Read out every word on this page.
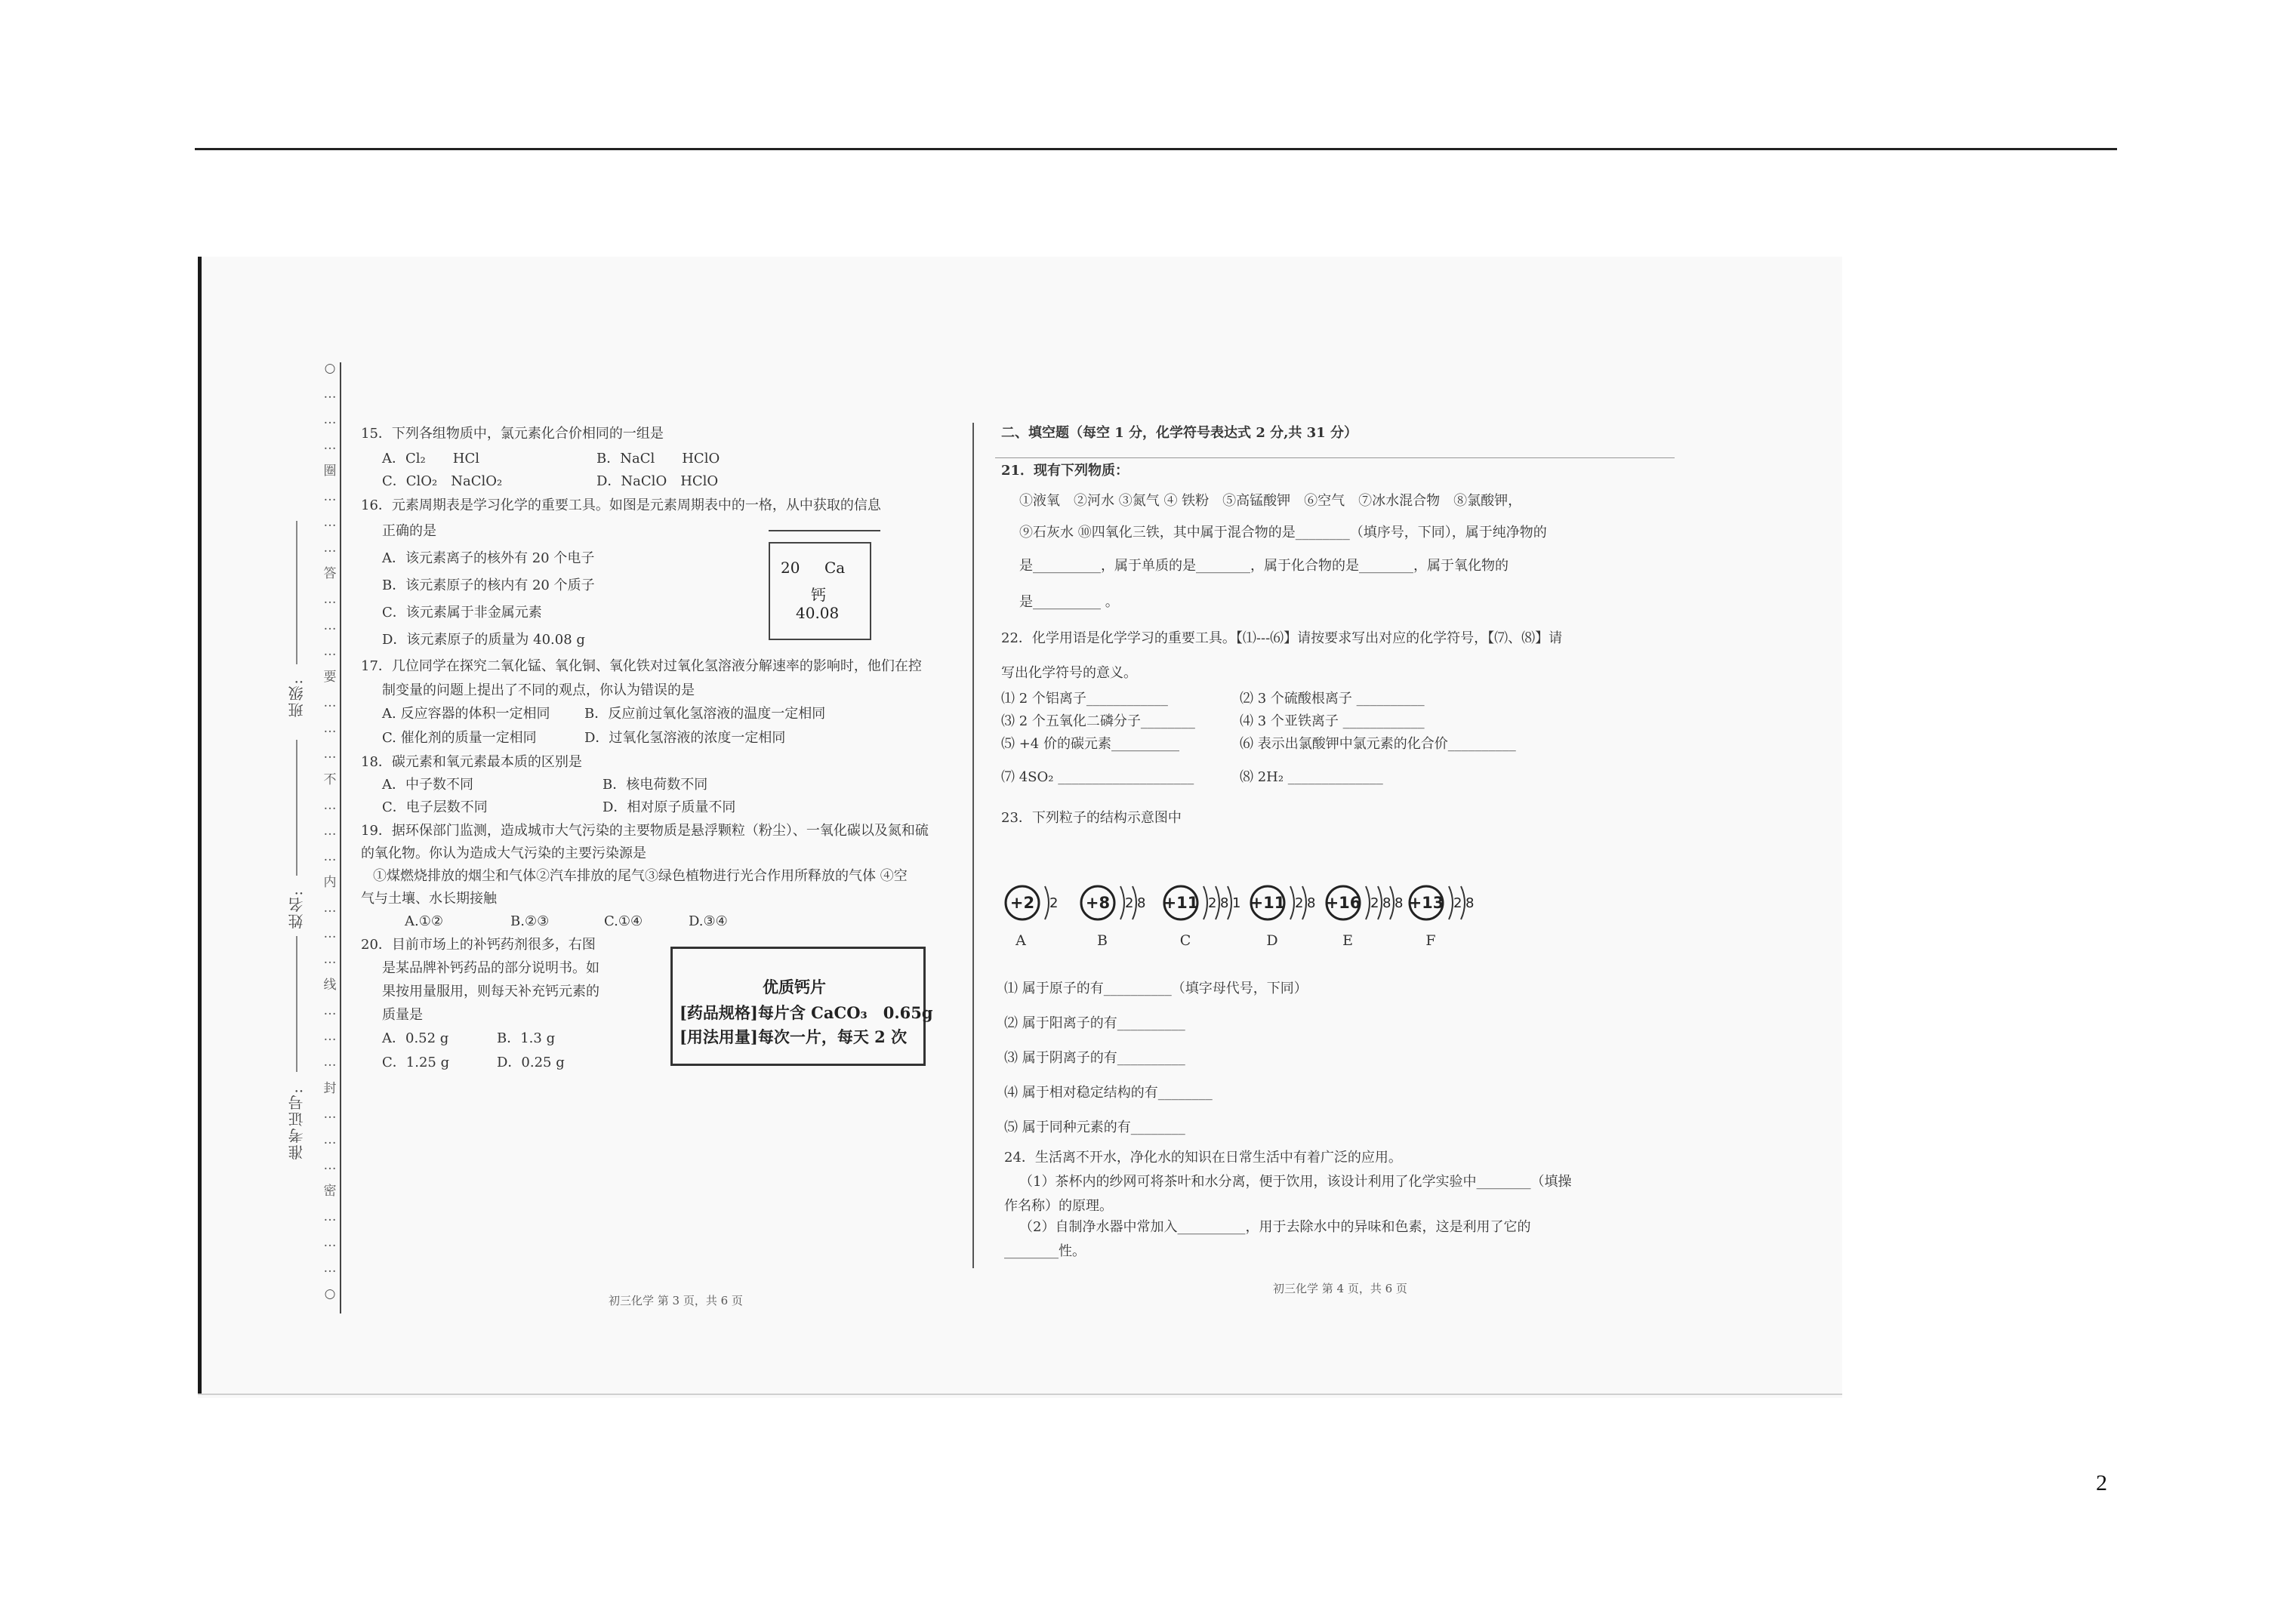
○
…
…
…
圈
…
…
…
答
…
…
…
要
…
…
…
不
…
…
…
内
…
…
…
线
…
…
…
封
…
…
…
密
…
…
…
○
班级:
姓名:
准考证号:
15．下列各组物质中，氯元素化合价相同的一组是
A．Cl₂　　HCl	B．NaCl　　HClO
C．ClO₂　NaClO₂	D．NaClO　HClO
16．元素周期表是学习化学的重要工具。如图是元素周期表中的一格，从中获取的信息
正确的是
A．该元素离子的核外有 20 个电子
B．该元素原子的核内有 20 个质子
C．该元素属于非金属元素
D．该元素原子的质量为 40.08 g
20 Ca
钙
40.08
17．几位同学在探究二氧化锰、氧化铜、氧化铁对过氧化氢溶液分解速率的影响时，他们在控
制变量的问题上提出了不同的观点，你认为错误的是
A. 反应容器的体积一定相同	B．反应前过氧化氢溶液的温度一定相同
C. 催化剂的质量一定相同	D．过氧化氢溶液的浓度一定相同
18．碳元素和氧元素最本质的区别是
A．中子数不同	B．核电荷数不同
C．电子层数不同	D．相对原子质量不同
19．据环保部门监测，造成城市大气污染的主要物质是悬浮颗粒（粉尘）、一氧化碳以及氮和硫
的氧化物。你认为造成大气污染的主要污染源是
①煤燃烧排放的烟尘和气体②汽车排放的尾气③绿色植物进行光合作用所释放的气体 ④空
气与土壤、水长期接触
A.①②	B.②③	C.①④	D.③④
20．目前市场上的补钙药剂很多，右图
是某品牌补钙药品的部分说明书。如
果按用量服用，则每天补充钙元素的
质量是
A．0.52 g	B．1.3 g
C．1.25 g	D．0.25 g
优质钙片
[药品规格]每片含 CaCO₃　0.65g
[用法用量]每次一片，每天 2 次
初三化学 第 3 页，共 6 页
二、填空题（每空 1 分，化学符号表达式 2 分,共 31 分）
21．现有下列物质：
①液氧　②河水 ③氮气 ④ 铁粉　⑤高锰酸钾　⑥空气　⑦冰水混合物　⑧氯酸钾，
⑨石灰水 ⑩四氧化三铁，其中属于混合物的是________（填序号，下同），属于纯净物的
是__________，属于单质的是________，属于化合物的是________，属于氧化物的
是__________ 。
22．化学用语是化学学习的重要工具。【⑴---⑹】请按要求写出对应的化学符号，【⑺、⑻】请
写出化学符号的意义。
⑴ 2 个铝离子____________	⑵ 3 个硫酸根离子 __________
⑶ 2 个五氧化二磷分子________	⑷ 3 个亚铁离子 ____________
⑸ +4 价的碳元素__________	⑹ 表示出氯酸钾中氯元素的化合价__________
⑺ 4SO₂ ____________________	⑻ 2H₂ ______________
23．下列粒子的结构示意图中
+2 2
A
+8 2 8
B
+11 2 8 1
C
+11 2 8
D
+16 2 8 8
E
+13 2 8
F
⑴ 属于原子的有__________（填字母代号，下同）
⑵ 属于阳离子的有__________
⑶ 属于阴离子的有__________
⑷ 属于相对稳定结构的有________
⑸ 属于同种元素的有________
24．生活离不开水，净化水的知识在日常生活中有着广泛的应用。
（1）茶杯内的纱网可将茶叶和水分离，便于饮用，该设计利用了化学实验中________（填操
作名称）的原理。
（2）自制净水器中常加入__________，用于去除水中的异味和色素，这是利用了它的
________性。
初三化学 第 4 页，共 6 页
2
